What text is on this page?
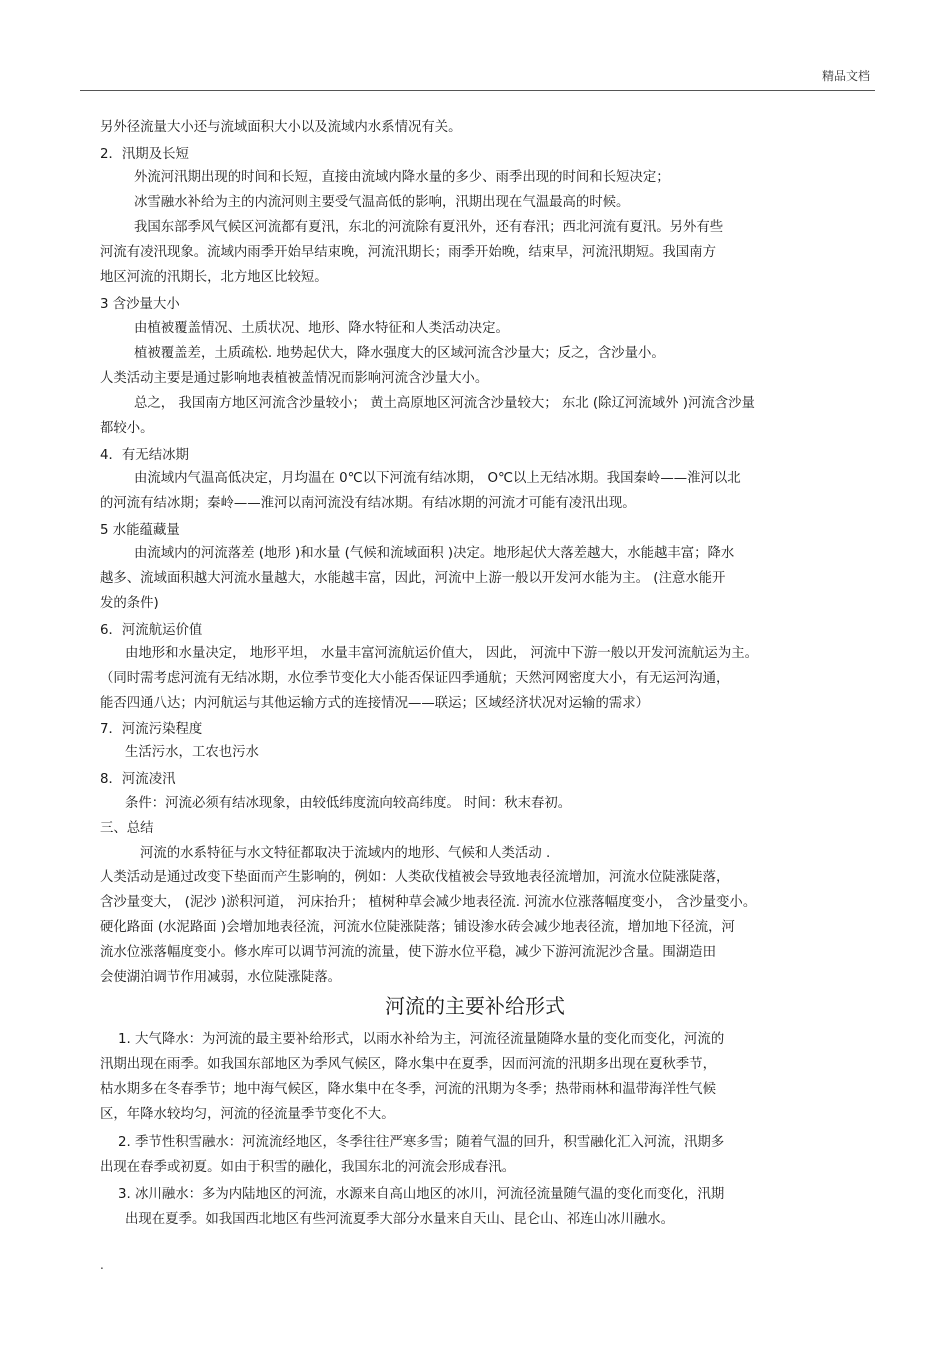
精品文档
另外径流量大小还与流域面积大小以及流域内水系情况有关。
2．汛期及长短
外流河汛期出现的时间和长短，直接由流域内降水量的多少、雨季出现的时间和长短决定；
冰雪融水补给为主的内流河则主要受气温高低的影响，汛期出现在气温最高的时候。
我国东部季风气候区河流都有夏汛，东北的河流除有夏汛外，还有春汛；西北河流有夏汛。另外有些
河流有凌汛现象。流域内雨季开始早结束晚，河流汛期长；雨季开始晚，结束早，河流汛期短。我国南方
地区河流的汛期长，北方地区比较短。
3 含沙量大小
由植被覆盖情况、土质状况、地形、降水特征和人类活动决定。
植被覆盖差，土质疏松. 地势起伏大，降水强度大的区域河流含沙量大；反之，含沙量小。
人类活动主要是通过影响地表植被盖情况而影响河流含沙量大小。
总之， 我国南方地区河流含沙量较小； 黄土高原地区河流含沙量较大； 东北 (除辽河流域外 )河流含沙量
都较小。
4．有无结冰期
由流域内气温高低决定，月均温在 0℃以下河流有结冰期， O℃以上无结冰期。我国秦岭——淮河以北
的河流有结冰期；秦岭——淮河以南河流没有结冰期。有结冰期的河流才可能有凌汛出现。
5 水能蕴藏量
由流域内的河流落差 (地形 )和水量 (气候和流域面积 )决定。地形起伏大落差越大，水能越丰富；降水
越多、流域面积越大河流水量越大，水能越丰富，因此，河流中上游一般以开发河水能为主。 (注意水能开
发的条件)
6．河流航运价值
由地形和水量决定， 地形平坦， 水量丰富河流航运价值大， 因此， 河流中下游一般以开发河流航运为主。
（同时需考虑河流有无结冰期，水位季节变化大小能否保证四季通航；天然河网密度大小，有无运河沟通，
能否四通八达；内河航运与其他运输方式的连接情况——联运；区域经济状况对运输的需求）
7．河流污染程度
生活污水，工农也污水
8．河流凌汛
条件：河流必须有结冰现象，由较低纬度流向较高纬度。 时间：秋末春初。
三、总结
河流的水系特征与水文特征都取决于流域内的地形、气候和人类活动 .
人类活动是通过改变下垫面而产生影响的，例如：人类砍伐植被会导致地表径流增加，河流水位陡涨陡落，
含沙量变大， (泥沙 )淤积河道， 河床抬升； 植树种草会减少地表径流. 河流水位涨落幅度变小， 含沙量变小。
硬化路面 (水泥路面 )会增加地表径流，河流水位陡涨陡落；铺设渗水砖会减少地表径流，增加地下径流，河
流水位涨落幅度变小。修水库可以调节河流的流量，使下游水位平稳，减少下游河流泥沙含量。围湖造田
会使湖泊调节作用减弱，水位陡涨陡落。
1. 大气降水：为河流的最主要补给形式，以雨水补给为主，河流径流量随降水量的变化而变化，河流的
汛期出现在雨季。如我国东部地区为季风气候区，降水集中在夏季，因而河流的汛期多出现在夏秋季节，
枯水期多在冬春季节；地中海气候区，降水集中在冬季，河流的汛期为冬季；热带雨林和温带海洋性气候
区，年降水较均匀，河流的径流量季节变化不大。
2. 季节性积雪融水：河流流经地区，冬季往往严寒多雪；随着气温的回升，积雪融化汇入河流，汛期多
出现在春季或初夏。如由于积雪的融化，我国东北的河流会形成春汛。
3. 冰川融水：多为内陆地区的河流，水源来自高山地区的冰川，河流径流量随气温的变化而变化，汛期
出现在夏季。如我国西北地区有些河流夏季大部分水量来自天山、昆仑山、祁连山冰川融水。
河流的主要补给形式
.
